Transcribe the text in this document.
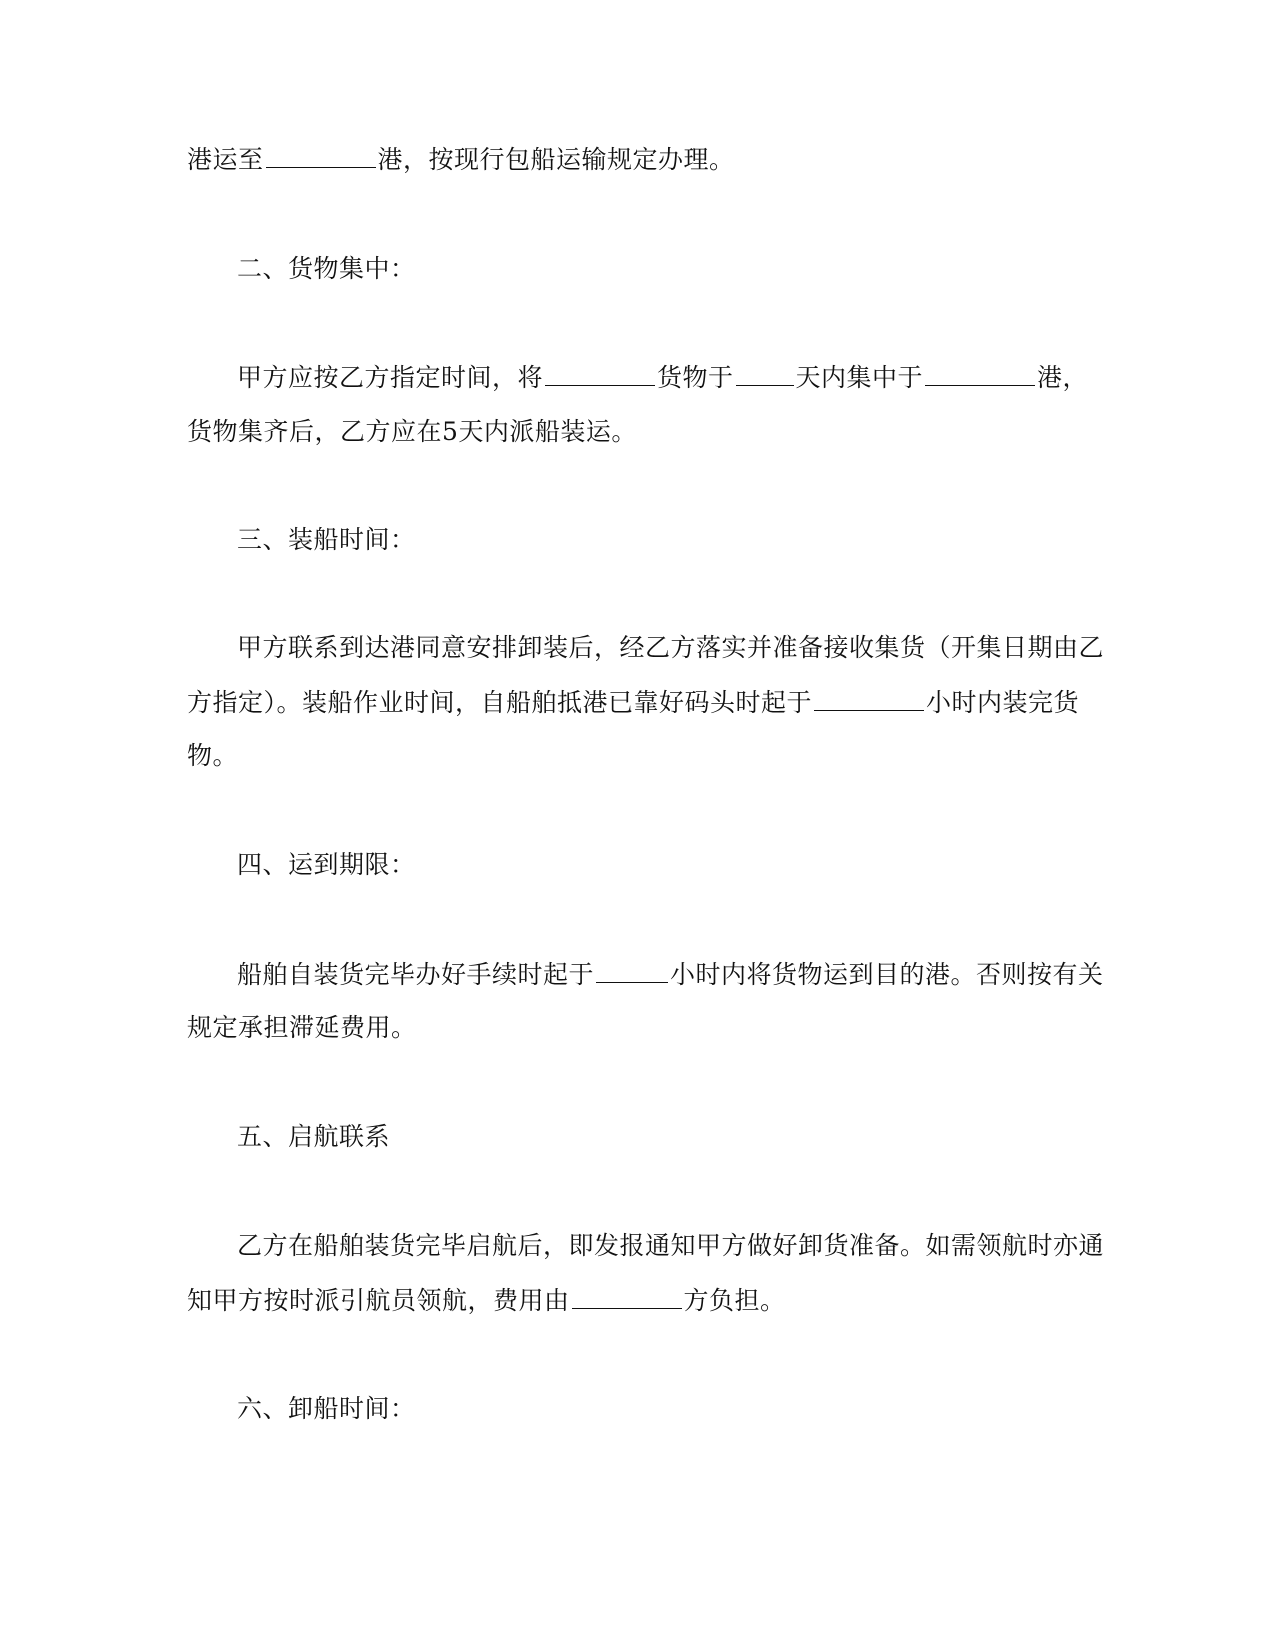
港运至	港，按现行包船运输规定办理。
二、货物集中：
甲方应按乙方指定时间，将	货物于 天内集中于	港，
货物集齐后，乙方应在5天内派船装运。
三、装船时间：
甲方联系到达港同意安排卸装后，经乙方落实并准备接收集货（开集日期由乙
方指定）。装船作业时间，自船舶抵港已靠好码头时起于	小时内装完货
物。
四、运到期限：
船舶自装货完毕办好手续时起于	小时内将货物运到目的港。否则按有关
规定承担滞延费用。
五、启航联系
乙方在船舶装货完毕启航后，即发报通知甲方做好卸货准备。如需领航时亦通
知甲方按时派引航员领航，费用由	方负担。
六、卸船时间：
